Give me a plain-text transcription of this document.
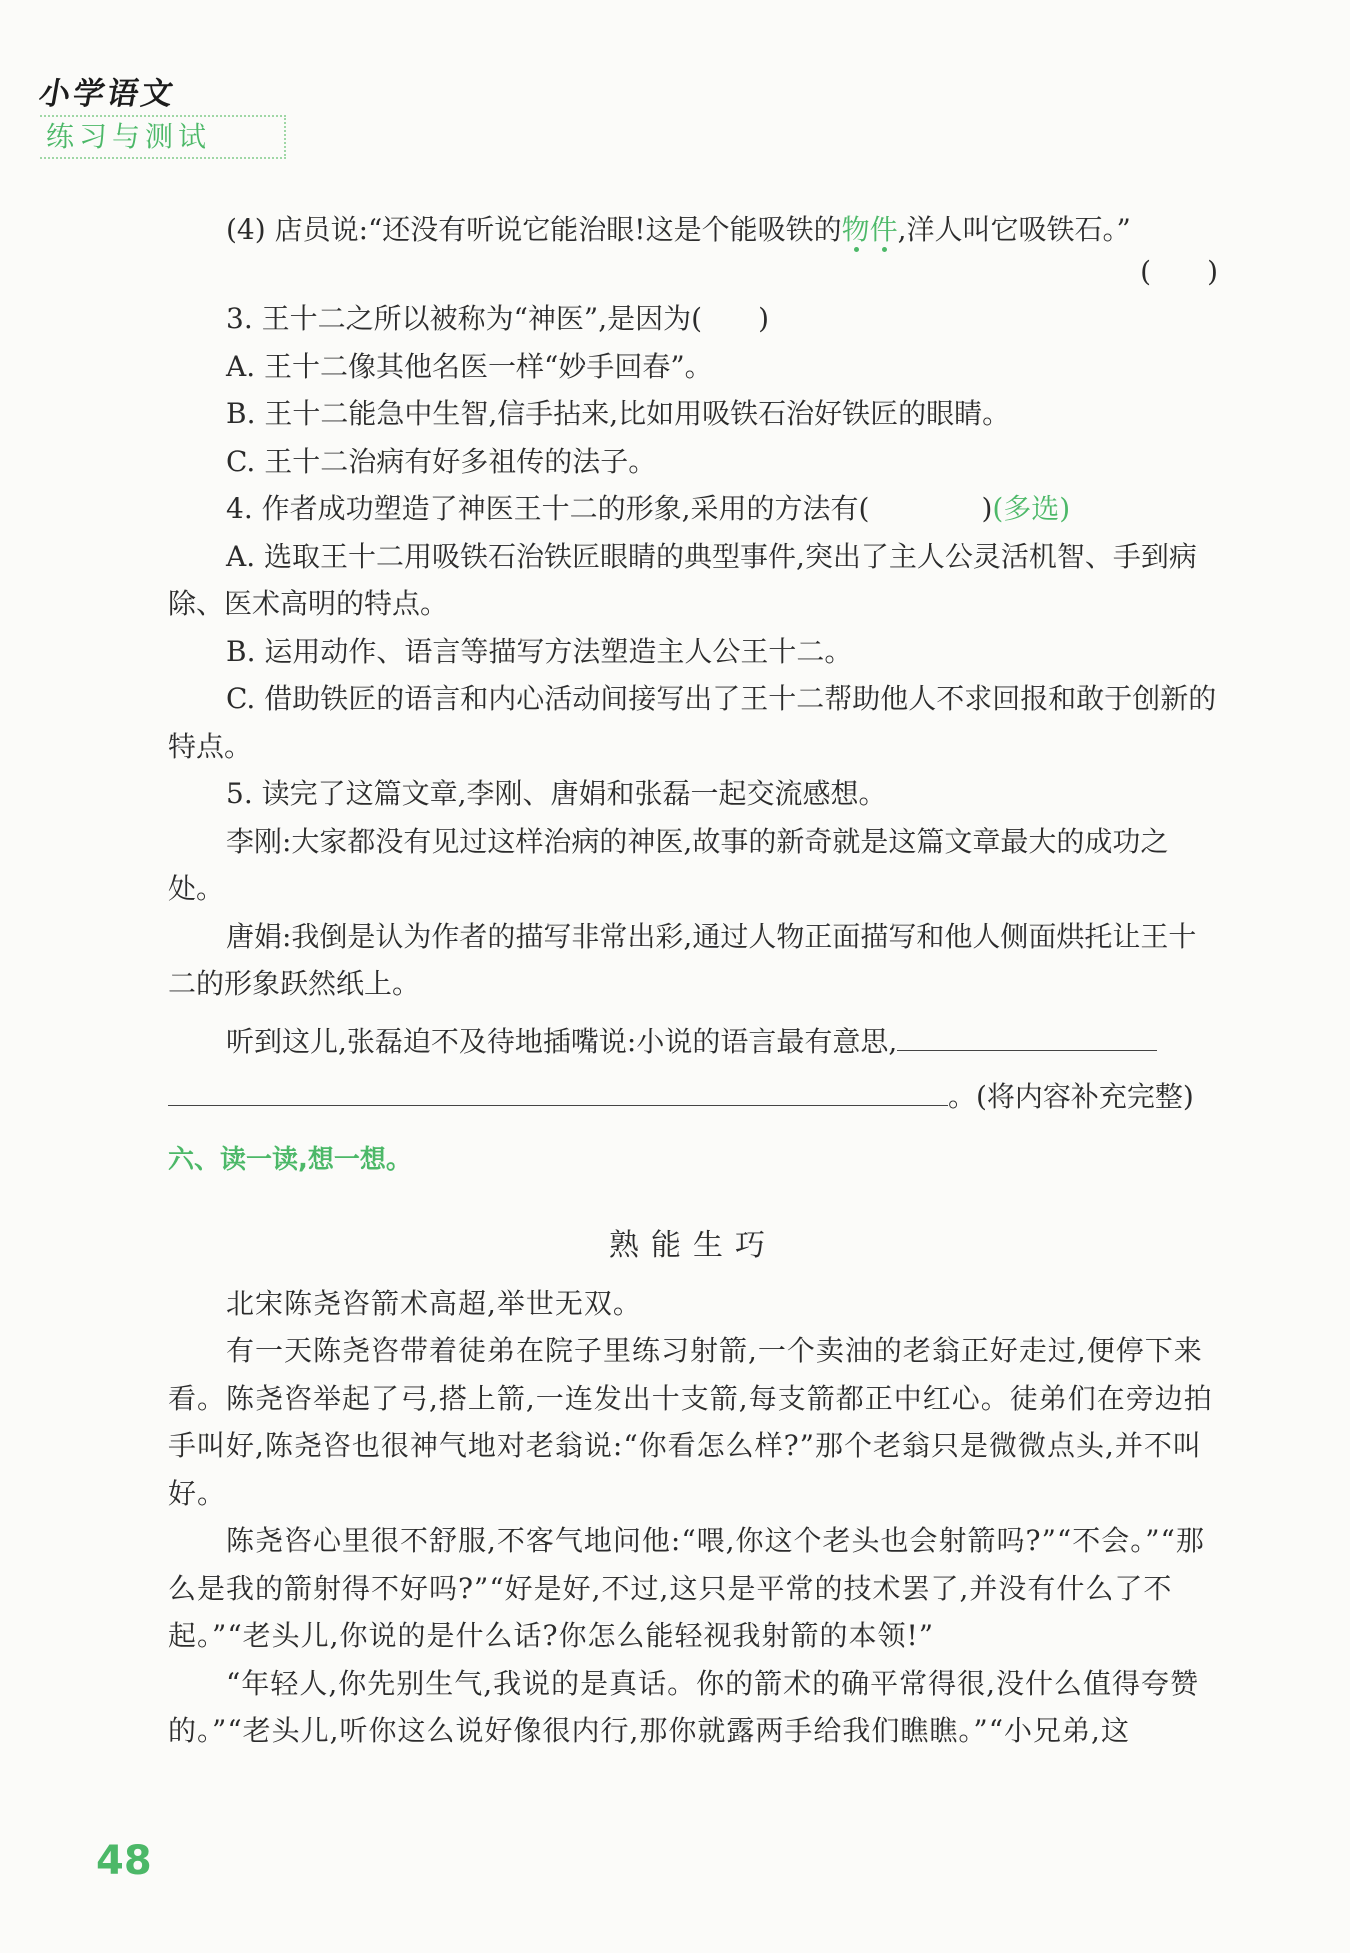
小学语文
练习与测试

(4) 店员说:“还没有听说它能治眼!这是个能吸铁的物件,洋人叫它吸铁石。”

(　　)

3. 王十二之所以被称为“神医”,是因为(　　)

A. 王十二像其他名医一样“妙手回春”。

B. 王十二能急中生智,信手拈来,比如用吸铁石治好铁匠的眼睛。

C. 王十二治病有好多祖传的法子。

4. 作者成功塑造了神医王十二的形象,采用的方法有(　　　　)(多选)

A. 选取王十二用吸铁石治铁匠眼睛的典型事件,突出了主人公灵活机智、手到病除、医术高明的特点。

B. 运用动作、语言等描写方法塑造主人公王十二。

C. 借助铁匠的语言和内心活动间接写出了王十二帮助他人不求回报和敢于创新的特点。

5. 读完了这篇文章,李刚、唐娟和张磊一起交流感想。

李刚:大家都没有见过这样治病的神医,故事的新奇就是这篇文章最大的成功之处。

唐娟:我倒是认为作者的描写非常出彩,通过人物正面描写和他人侧面烘托让王十二的形象跃然纸上。

听到这儿,张磊迫不及待地插嘴说:小说的语言最有意思,

。(将内容补充完整)

六、读一读,想一想。

熟能生巧

北宋陈尧咨箭术高超,举世无双。

有一天陈尧咨带着徒弟在院子里练习射箭,一个卖油的老翁正好走过,便停下来看。陈尧咨举起了弓,搭上箭,一连发出十支箭,每支箭都正中红心。徒弟们在旁边拍手叫好,陈尧咨也很神气地对老翁说:“你看怎么样?”那个老翁只是微微点头,并不叫好。

陈尧咨心里很不舒服,不客气地问他:“喂,你这个老头也会射箭吗?”“不会。”“那么是我的箭射得不好吗?”“好是好,不过,这只是平常的技术罢了,并没有什么了不起。”“老头儿,你说的是什么话?你怎么能轻视我射箭的本领!”

“年轻人,你先别生气,我说的是真话。你的箭术的确平常得很,没什么值得夸赞的。”“老头儿,听你这么说好像很内行,那你就露两手给我们瞧瞧。”“小兄弟,这

48
